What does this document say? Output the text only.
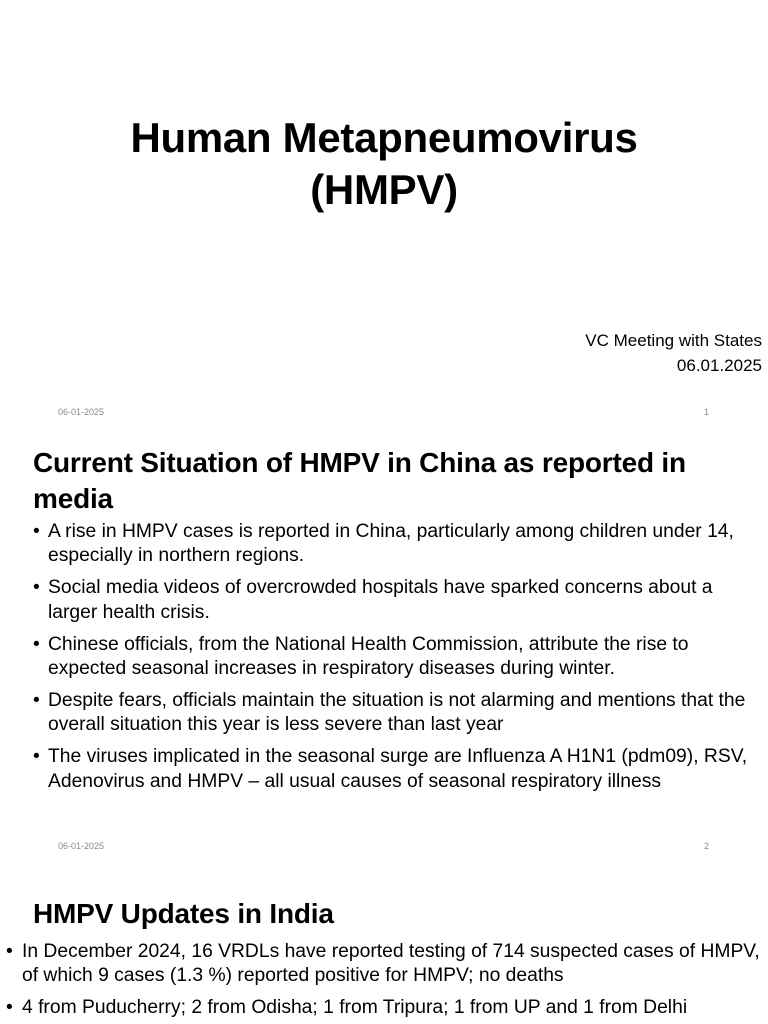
Human Metapneumovirus
(HMPV)
VC Meeting with States
06.01.2025
06-01-2025	1
Current Situation of HMPV in China as reported in media
• A rise in HMPV cases is reported in China, particularly among children under 14, especially in northern regions.
• Social media videos of overcrowded hospitals have sparked concerns about a larger health crisis.
• Chinese officials, from the National Health Commission, attribute the rise to expected seasonal increases in respiratory diseases during winter.
• Despite fears, officials maintain the situation is not alarming and mentions that the overall situation this year is less severe than last year
• The viruses implicated in the seasonal surge are Influenza A H1N1 (pdm09), RSV, Adenovirus and HMPV – all usual causes of seasonal respiratory illness
06-01-2025	2
HMPV Updates in India
• In December 2024, 16 VRDLs have reported testing of 714 suspected cases of HMPV, of which 9 cases (1.3 %) reported positive for HMPV; no deaths
• 4 from Puducherry; 2 from Odisha; 1 from Tripura; 1 from UP and 1 from Delhi
